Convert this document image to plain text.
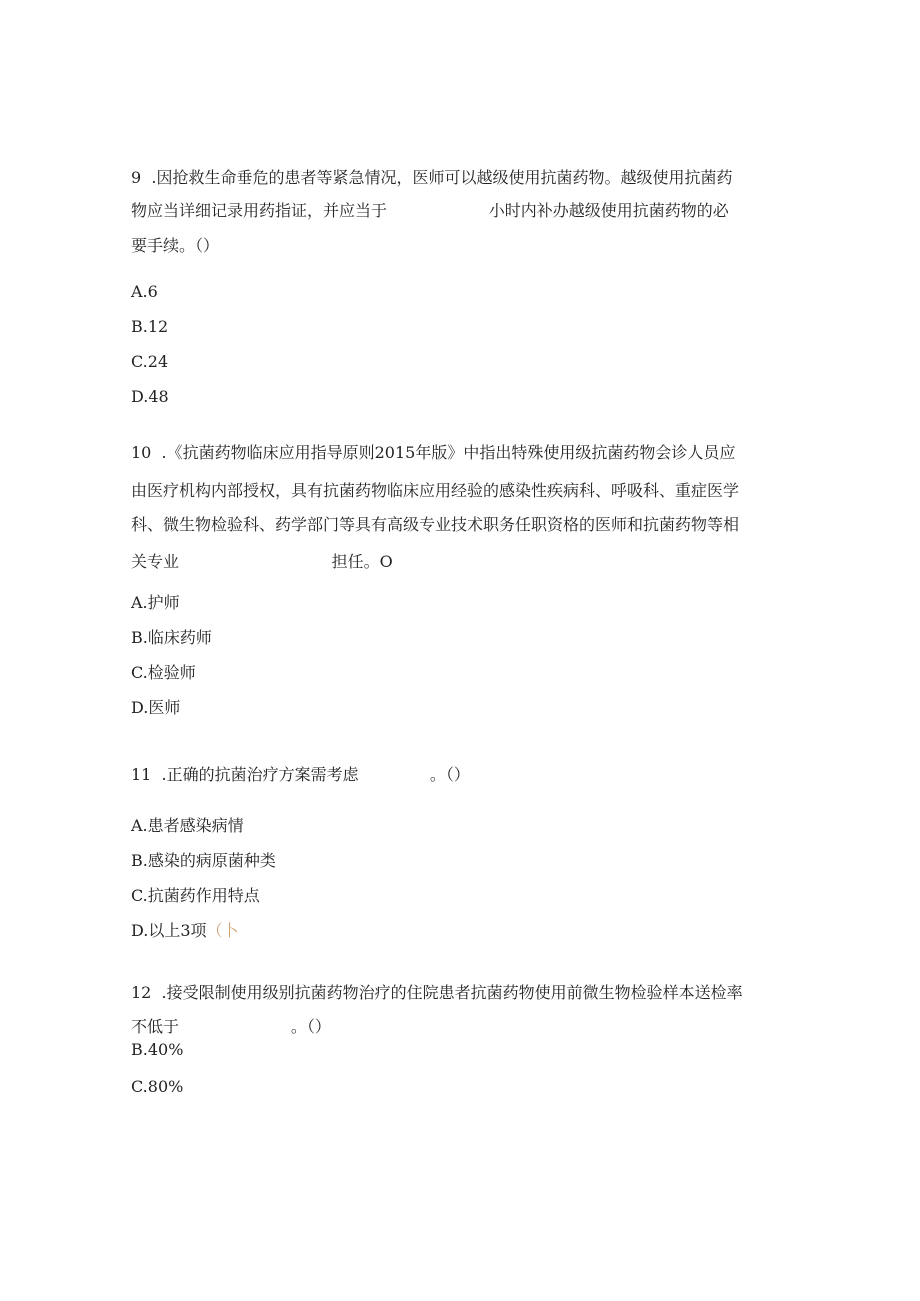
9  .因抢救生命垂危的患者等紧急情况，医师可以越级使用抗菌药物。越级使用抗菌药
物应当详细记录用药指证，并应当于                    小时内补办越级使用抗菌药物的必
要手续。（）
A.6
B.12
C.24
D.48
10  .《抗菌药物临床应用指导原则2015年版》中指出特殊使用级抗菌药物会诊人员应
由医疗机构内部授权，具有抗菌药物临床应用经验的感染性疾病科、呼吸科、重症医学
科、微生物检验科、药学部门等具有高级专业技术职务任职资格的医师和抗菌药物等相
关专业                              担任。O
A.护师
B.临床药师
C.检验师
D.医师
11  .正确的抗菌治疗方案需考虑              。（）
A.患者感染病情
B.感染的病原菌种类
C.抗菌药作用特点
D.以上3项（卜
12  .接受限制使用级别抗菌药物治疗的住院患者抗菌药物使用前微生物检验样本送检率
不低于                      。（）
B.40%
C.80%
